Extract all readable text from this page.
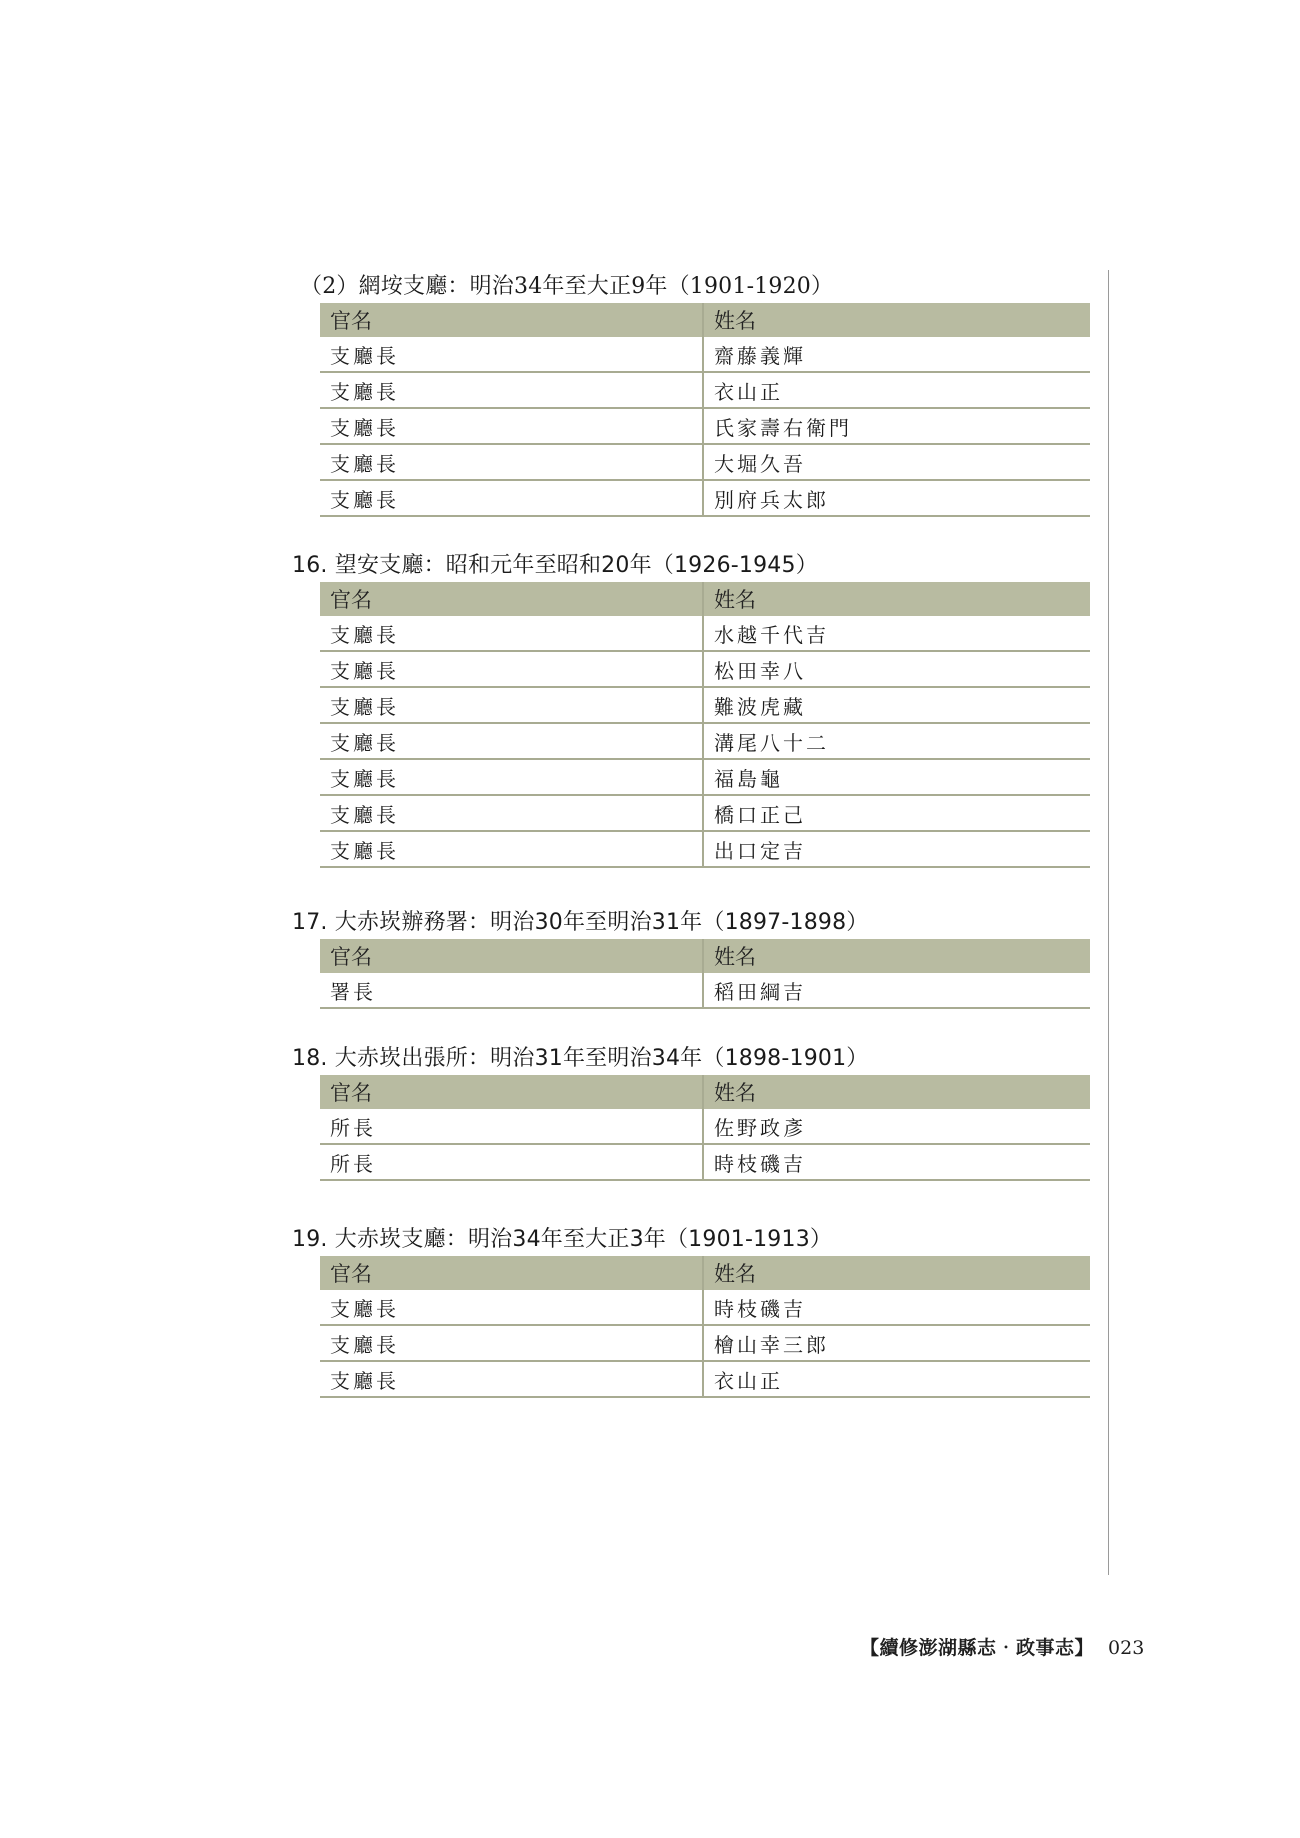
（2）網垵支廳：明治34年至大正9年（1901-1920）
官名	姓名
支廳長	齋藤義輝
支廳長	衣山正
支廳長	氏家壽右衛門
支廳長	大堀久吾
支廳長	別府兵太郎
16. 望安支廳：昭和元年至昭和20年（1926-1945）
官名	姓名
支廳長	水越千代吉
支廳長	松田幸八
支廳長	難波虎藏
支廳長	溝尾八十二
支廳長	福島龜
支廳長	橋口正己
支廳長	出口定吉
17. 大赤崁辦務署：明治30年至明治31年（1897-1898）
官名	姓名
署長	稻田綱吉
18. 大赤崁出張所：明治31年至明治34年（1898-1901）
官名	姓名
所長	佐野政彥
所長	時枝磯吉
19. 大赤崁支廳：明治34年至大正3年（1901-1913）
官名	姓名
支廳長	時枝磯吉
支廳長	檜山幸三郎
支廳長	衣山正
【續修澎湖縣志‧政事志】 023
